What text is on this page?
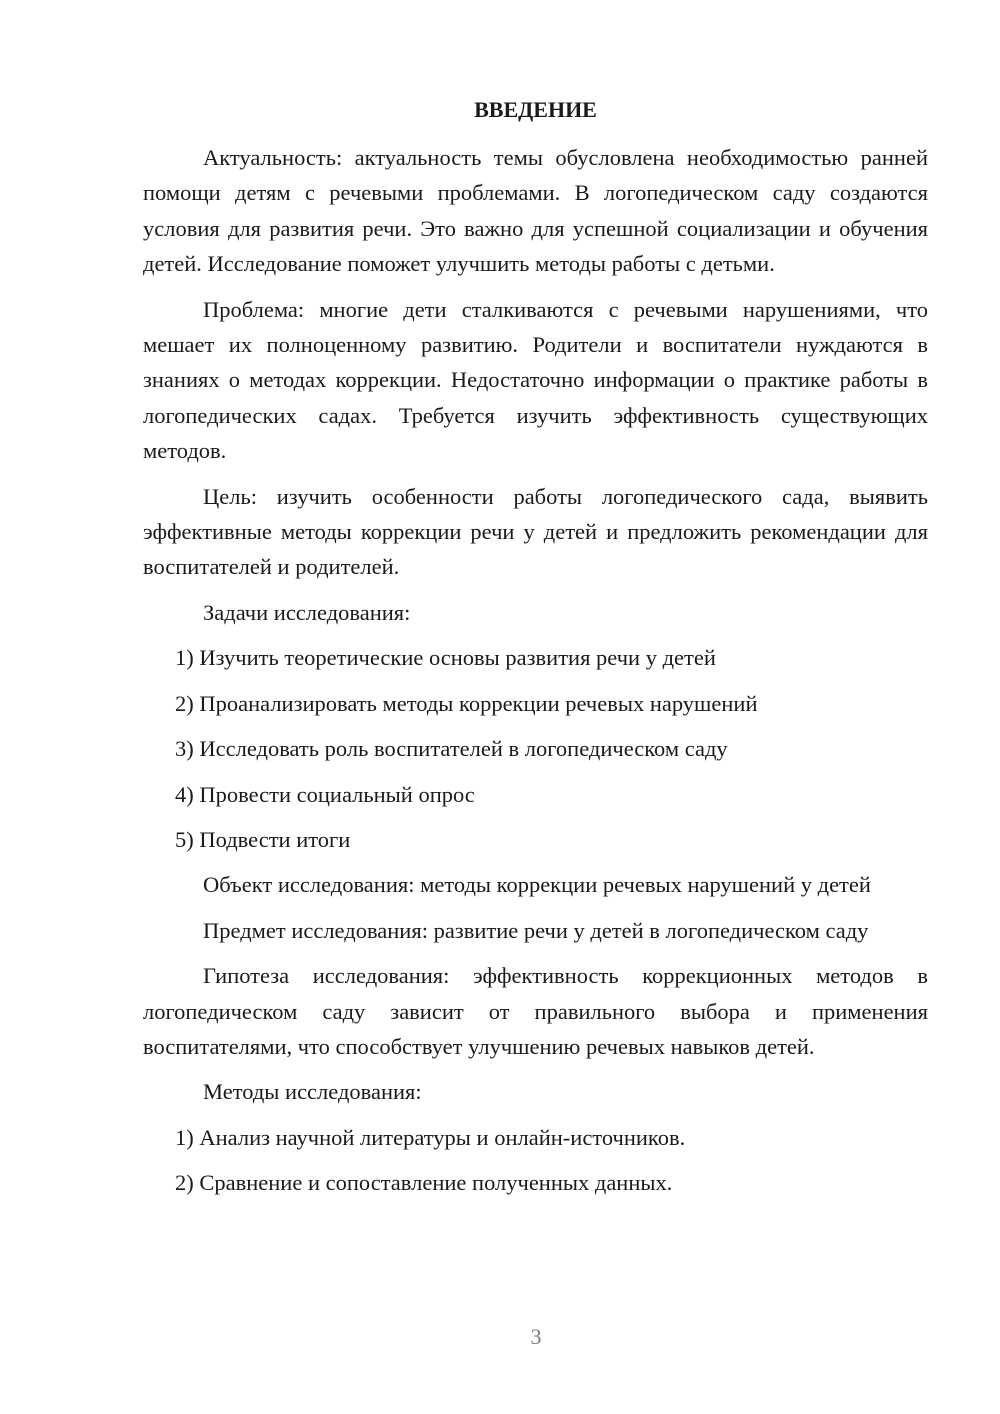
ВВЕДЕНИЕ

Актуальность: актуальность темы обусловлена необходимостью ранней помощи детям с речевыми проблемами. В логопедическом саду создаются условия для развития речи. Это важно для успешной социализации и обучения детей. Исследование поможет улучшить методы работы с детьми.

Проблема: многие дети сталкиваются с речевыми нарушениями, что мешает их полноценному развитию. Родители и воспитатели нуждаются в знаниях о методах коррекции. Недостаточно информации о практике работы в логопедических садах. Требуется изучить эффективность существующих методов.

Цель: изучить особенности работы логопедического сада, выявить эффективные методы коррекции речи у детей и предложить рекомендации для воспитателей и родителей.

Задачи исследования:
1) Изучить теоретические основы развития речи у детей
2) Проанализировать методы коррекции речевых нарушений
3) Исследовать роль воспитателей в логопедическом саду
4) Провести социальный опрос
5) Подвести итоги

Объект исследования: методы коррекции речевых нарушений у детей

Предмет исследования: развитие речи у детей в логопедическом саду

Гипотеза исследования: эффективность коррекционных методов в логопедическом саду зависит от правильного выбора и применения воспитателями, что способствует улучшению речевых навыков детей.

Методы исследования:
1) Анализ научной литературы и онлайн-источников.
2) Сравнение и сопоставление полученных данных.
3
